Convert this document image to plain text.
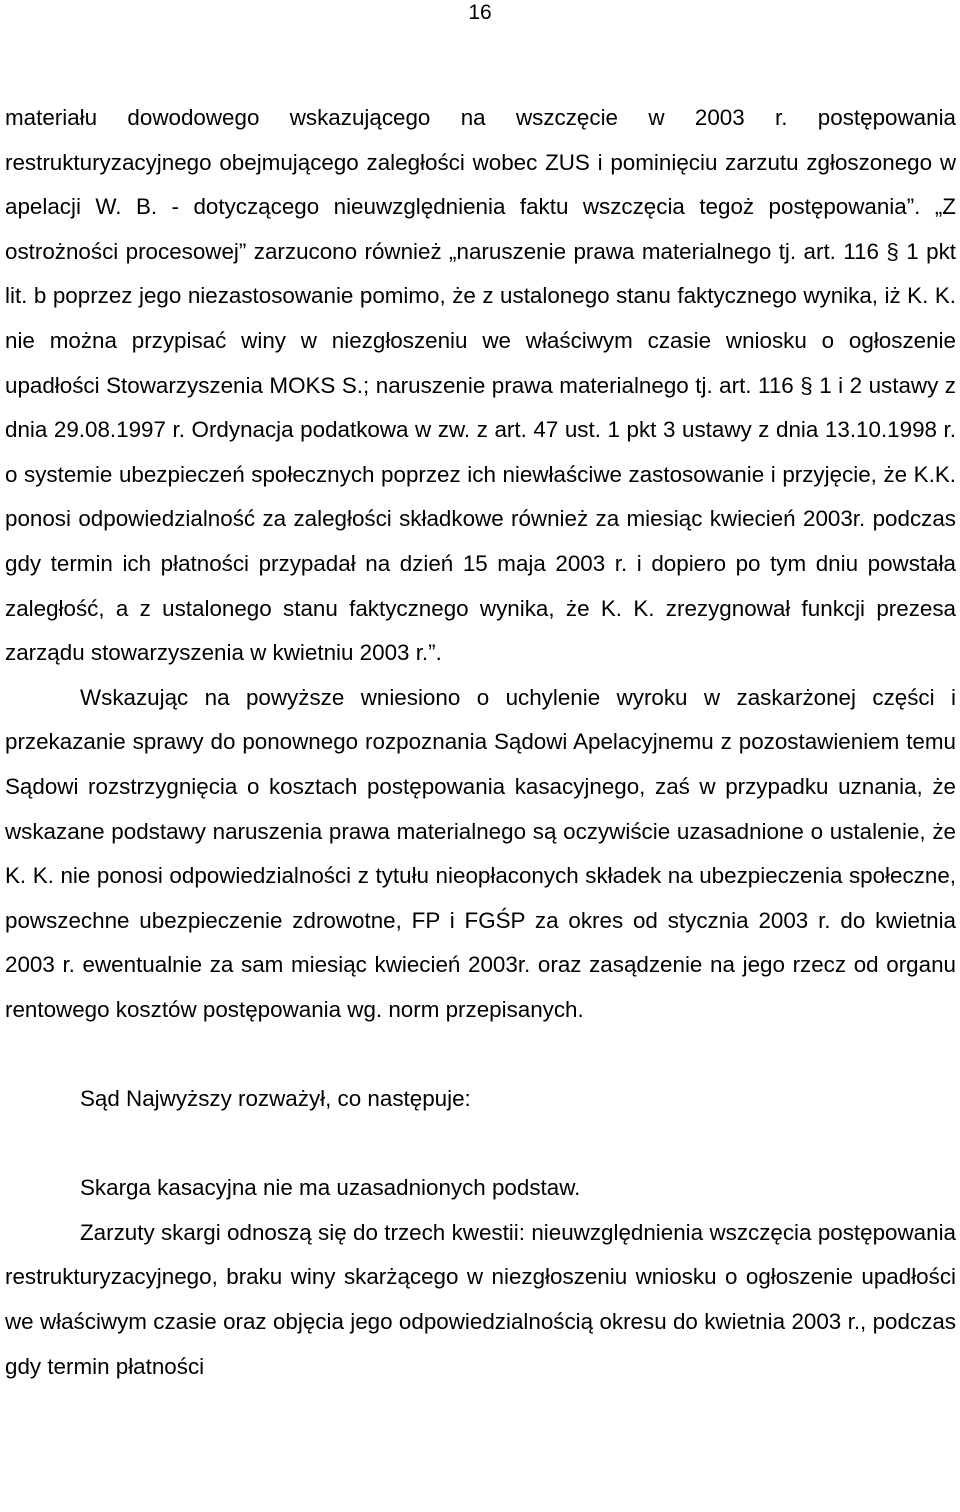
16

materiału dowodowego wskazującego na wszczęcie w 2003 r. postępowania restrukturyzacyjnego obejmującego zaległości wobec ZUS i pominięciu zarzutu zgłoszonego w apelacji W. B. - dotyczącego nieuwzględnienia faktu wszczęcia tegoż postępowania”. „Z ostrożności procesowej” zarzucono również „naruszenie prawa materialnego tj. art. 116 § 1 pkt lit. b poprzez jego niezastosowanie pomimo, że z ustalonego stanu faktycznego wynika, iż K. K. nie można przypisać winy w niezgłoszeniu we właściwym czasie wniosku o ogłoszenie upadłości Stowarzyszenia MOKS S.; naruszenie prawa materialnego tj. art. 116 § 1 i 2 ustawy z dnia 29.08.1997 r. Ordynacja podatkowa w zw. z art. 47 ust. 1 pkt 3 ustawy z dnia 13.10.1998 r. o systemie ubezpieczeń społecznych poprzez ich niewłaściwe zastosowanie i przyjęcie, że K.K. ponosi odpowiedzialność za zaległości składkowe również za miesiąc kwiecień 2003r. podczas gdy termin ich płatności przypadał na dzień 15 maja 2003 r. i dopiero po tym dniu powstała zaległość, a z ustalonego stanu faktycznego wynika, że K. K. zrezygnował funkcji prezesa zarządu stowarzyszenia w kwietniu 2003 r.”.

Wskazując na powyższe wniesiono o uchylenie wyroku w zaskarżonej części i przekazanie sprawy do ponownego rozpoznania Sądowi Apelacyjnemu z pozostawieniem temu Sądowi rozstrzygnięcia o kosztach postępowania kasacyjnego, zaś w przypadku uznania, że wskazane podstawy naruszenia prawa materialnego są oczywiście uzasadnione o ustalenie, że K. K. nie ponosi odpowiedzialności z tytułu nieopłaconych składek na ubezpieczenia społeczne, powszechne ubezpieczenie zdrowotne, FP i FGŚP za okres od stycznia 2003 r. do kwietnia 2003 r. ewentualnie za sam miesiąc kwiecień 2003r. oraz zasądzenie na jego rzecz od organu rentowego kosztów postępowania wg. norm przepisanych.

Sąd Najwyższy rozważył, co następuje:

Skarga kasacyjna nie ma uzasadnionych podstaw.

Zarzuty skargi odnoszą się do trzech kwestii: nieuwzględnienia wszczęcia postępowania restrukturyzacyjnego, braku winy skarżącego w niezgłoszeniu wniosku o ogłoszenie upadłości we właściwym czasie oraz objęcia jego odpowiedzialnością okresu do kwietnia 2003 r., podczas gdy termin płatności
